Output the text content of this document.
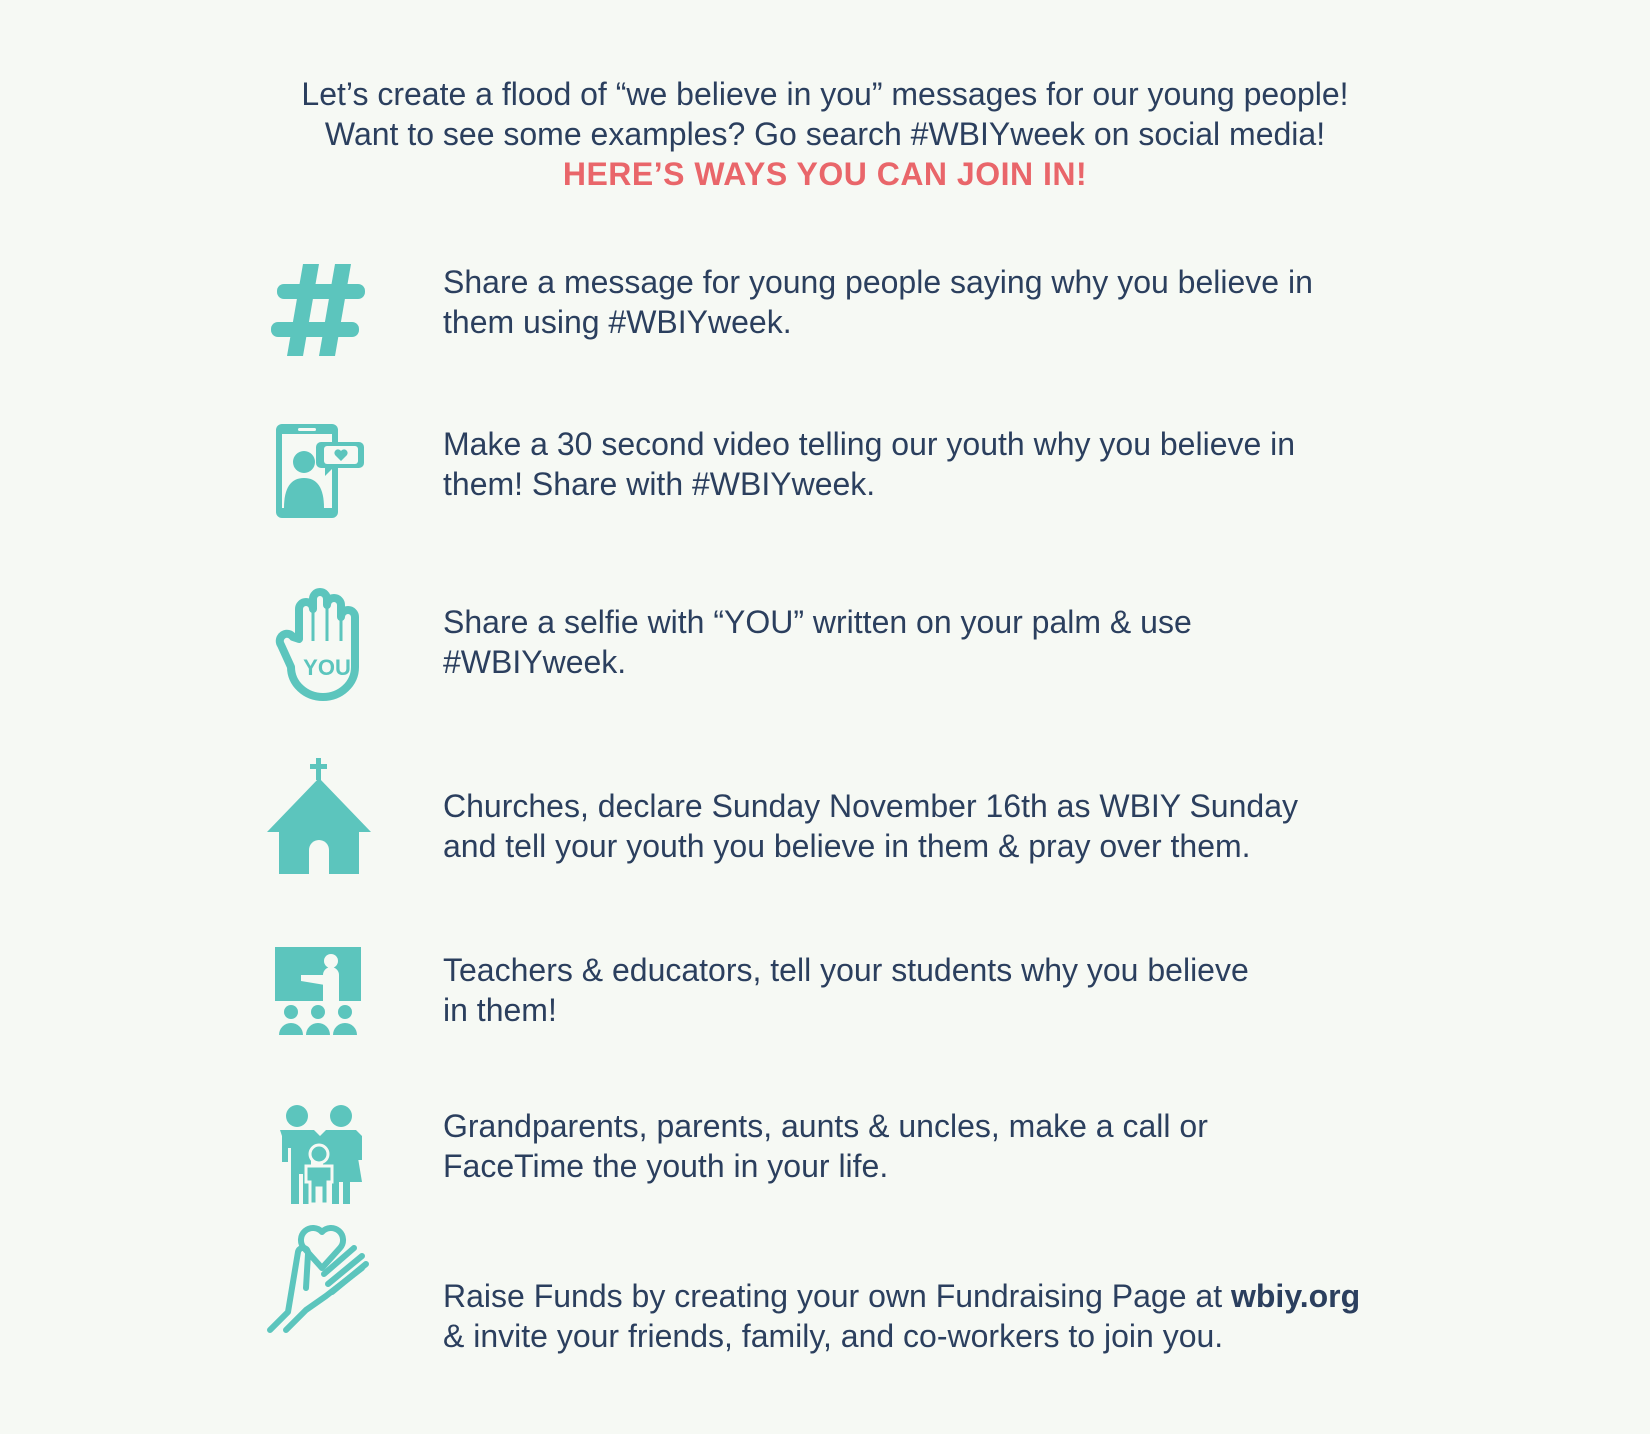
Let’s create a flood of “we believe in you” messages for our young people!
Want to see some examples? Go search #WBIYweek on social media!
HERE’S WAYS YOU CAN JOIN IN!
Share a message for young people saying why you believe in
them using #WBIYweek.
Make a 30 second video telling our youth why you believe in
them! Share with #WBIYweek.
YOU
Share a selfie with “YOU” written on your palm & use
#WBIYweek.
Churches, declare Sunday November 16th as WBIY Sunday
and tell your youth you believe in them & pray over them.
Teachers & educators, tell your students why you believe
in them!
Grandparents, parents, aunts & uncles, make a call or
FaceTime the youth in your life.
Raise Funds by creating your own Fundraising Page at wbiy.org
& invite your friends, family, and co-workers to join you.
